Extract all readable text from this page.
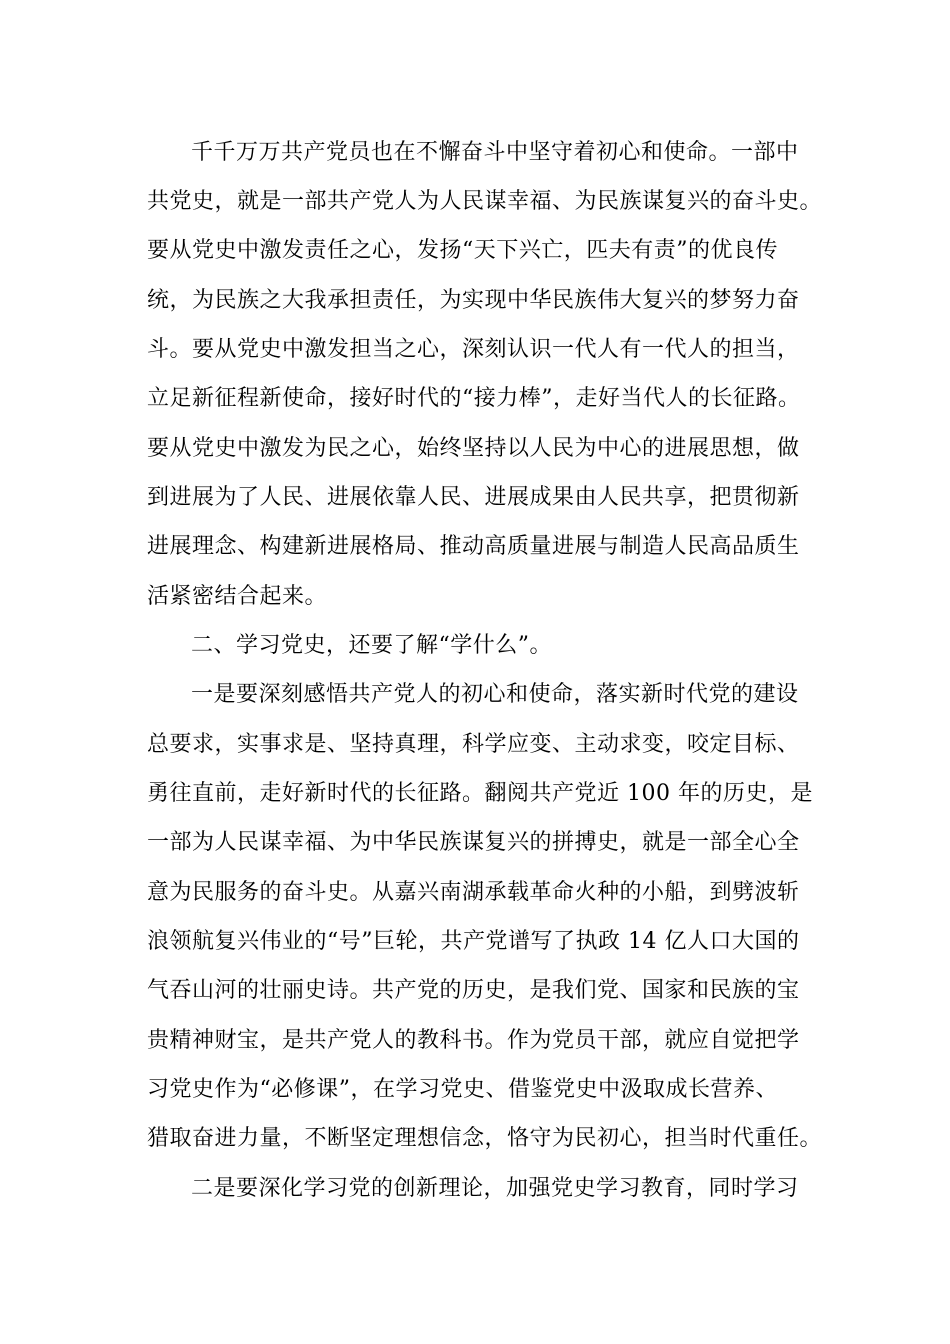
千千万万共产党员也在不懈奋斗中坚守着初心和使命。一部中
共党史，就是一部共产党人为人民谋幸福、为民族谋复兴的奋斗史。
要从党史中激发责任之心，发扬“天下兴亡，匹夫有责”的优良传
统，为民族之大我承担责任，为实现中华民族伟大复兴的梦努力奋
斗。要从党史中激发担当之心，深刻认识一代人有一代人的担当，
立足新征程新使命，接好时代的“接力棒”，走好当代人的长征路。
要从党史中激发为民之心，始终坚持以人民为中心的进展思想，做
到进展为了人民、进展依靠人民、进展成果由人民共享，把贯彻新
进展理念、构建新进展格局、推动高质量进展与制造人民高品质生
活紧密结合起来。
二、学习党史，还要了解“学什么”。
一是要深刻感悟共产党人的初心和使命，落实新时代党的建设
总要求，实事求是、坚持真理，科学应变、主动求变，咬定目标、
勇往直前，走好新时代的长征路。翻阅共产党近 100 年的历史，是
一部为人民谋幸福、为中华民族谋复兴的拼搏史，就是一部全心全
意为民服务的奋斗史。从嘉兴南湖承载革命火种的小船，到劈波斩
浪领航复兴伟业的“号”巨轮，共产党谱写了执政 14 亿人口大国的
气吞山河的壮丽史诗。共产党的历史，是我们党、国家和民族的宝
贵精神财宝，是共产党人的教科书。作为党员干部，就应自觉把学
习党史作为“必修课”，在学习党史、借鉴党史中汲取成长营养、
猎取奋进力量，不断坚定理想信念，恪守为民初心，担当时代重任。
二是要深化学习党的创新理论，加强党史学习教育，同时学习
